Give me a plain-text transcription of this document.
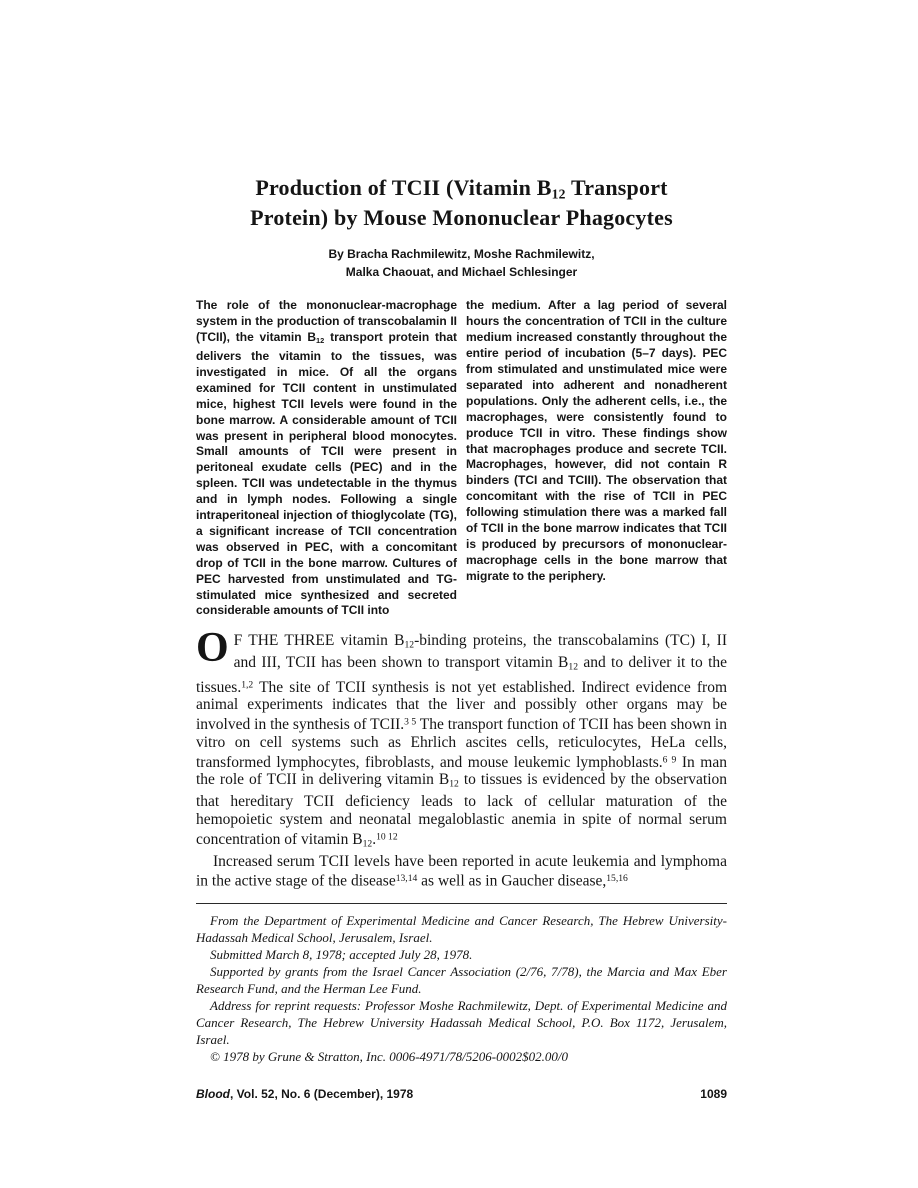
Production of TCII (Vitamin $B_{12}$ Transport
Protein) by Mouse Mononuclear Phagocytes
By Bracha Rachmilewitz, Moshe Rachmilewitz,
Malka Chaouat, and Michael Schlesinger
The role of the mononuclear-macrophage system in the production of transcobalamin II (TCII), the vitamin $B_{12}$ transport protein that delivers the vitamin to the tissues, was investigated in mice. Of all the organs examined for TCII content in unstimulated mice, highest TCII levels were found in the bone marrow. A considerable amount of TCII was present in peripheral blood monocytes. Small amounts of TCII were present in peritoneal exudate cells (PEC) and in the spleen. TCII was undetectable in the thymus and in lymph nodes. Following a single intraperitoneal injection of thioglycolate (TG), a significant increase of TCII concentration was observed in PEC, with a concomitant drop of TCII in the bone marrow. Cultures of PEC harvested from unstimulated and TG-stimulated mice synthesized and secreted considerable amounts of TCII into
the medium. After a lag period of several hours the concentration of TCII in the culture medium increased constantly throughout the entire period of incubation (5–7 days). PEC from stimulated and unstimulated mice were separated into adherent and nonadherent populations. Only the adherent cells, i.e., the macrophages, were consistently found to produce TCII in vitro. These findings show that macrophages produce and secrete TCII. Macrophages, however, did not contain R binders (TCI and TCIII). The observation that concomitant with the rise of TCII in PEC following stimulation there was a marked fall of TCII in the bone marrow indicates that TCII is produced by precursors of mononuclear-macrophage cells in the bone marrow that migrate to the periphery.

O F THE THREE vitamin $B_{12}$-binding proteins, the transcobalamins (TC) I, II and III, TCII has been shown to transport vitamin $B_{12}$ and to deliver it to the tissues.$^{1,2}$ The site of TCII synthesis is not yet established. Indirect evidence from animal experiments indicates that the liver and possibly other organs may be involved in the synthesis of TCII.$^{3 5}$ The transport function of TCII has been shown in vitro on cell systems such as Ehrlich ascites cells, reticulocytes, HeLa cells, transformed lymphocytes, fibroblasts, and mouse leukemic lymphoblasts.$^{6 9}$ In man the role of TCII in delivering vitamin $B_{12}$ to tissues is evidenced by the observation that hereditary TCII deficiency leads to lack of cellular maturation of the hemopoietic system and neonatal megaloblastic anemia in spite of normal serum concentration of vitamin $B_{12}.^{10 12}$

Increased serum TCII levels have been reported in acute leukemia and lymphoma in the active stage of the disease$^{13,14}$ as well as in Gaucher disease,$^{15,16}$

From the Department of Experimental Medicine and Cancer Research, The Hebrew University-Hadassah Medical School, Jerusalem, Israel.

Submitted March 8, 1978; accepted July 28, 1978.

Supported by grants from the Israel Cancer Association (2/76, 7/78), the Marcia and Max Eber Research Fund, and the Herman Lee Fund.

Address for reprint requests: Professor Moshe Rachmilewitz, Dept. of Experimental Medicine and Cancer Research, The Hebrew University Hadassah Medical School, P.O. Box 1172, Jerusalem, Israel.

© 1978 by Grune & Stratton, Inc. 0006-4971/78/5206-0002$02.00/0

Blood, Vol. 52, No. 6 (December), 1978	1089
